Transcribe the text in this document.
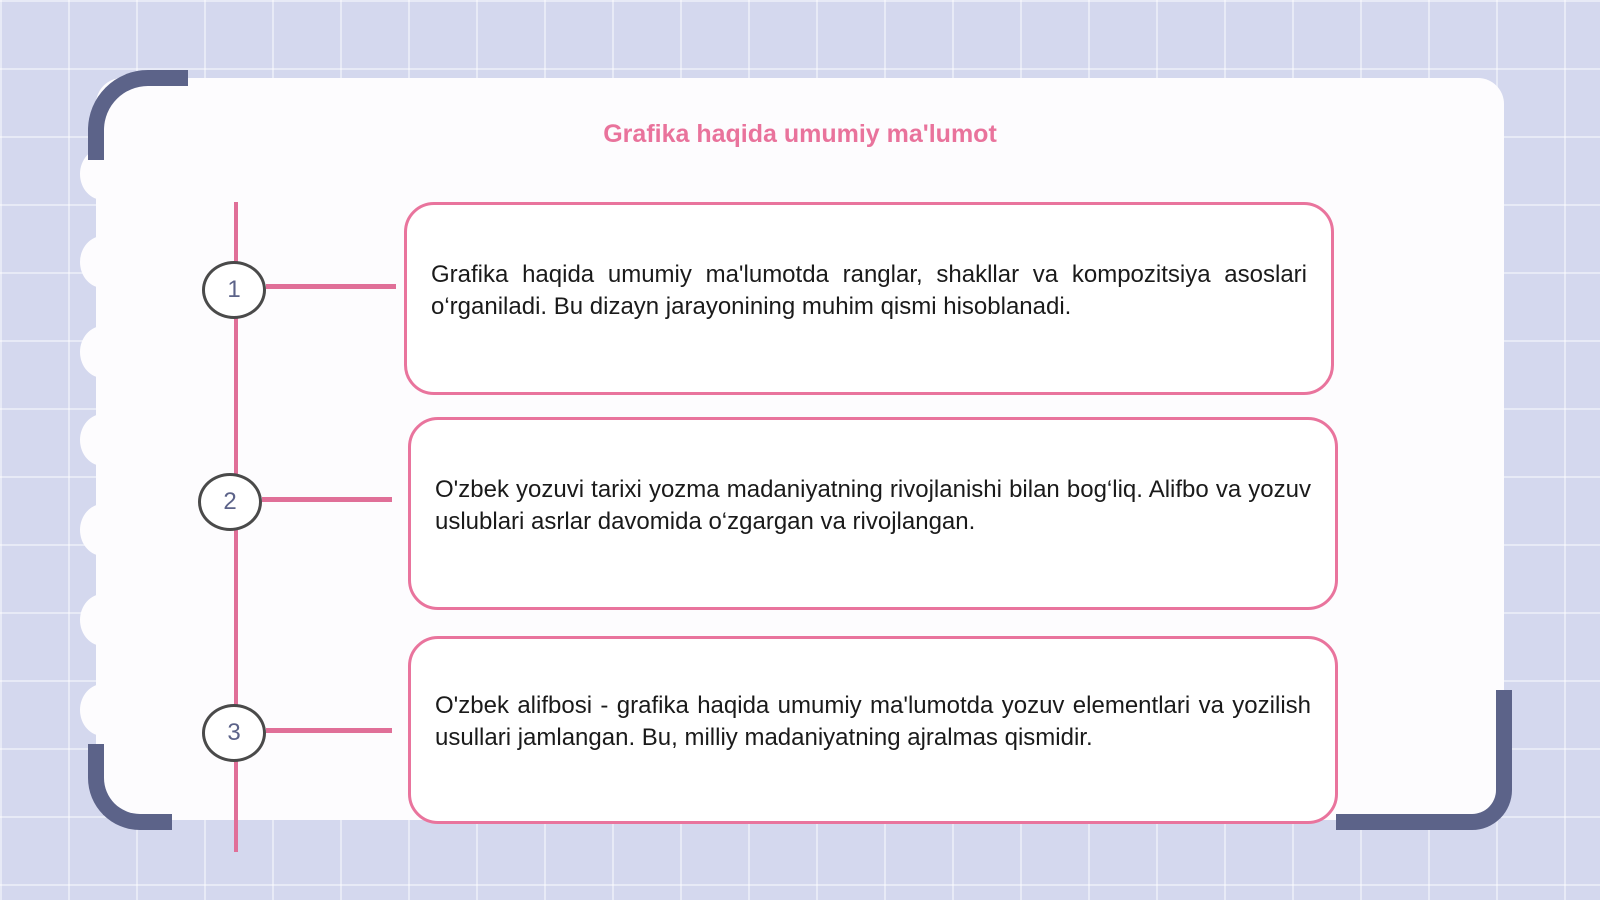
Grafika haqida umumiy ma'lumot
1
2
3
Grafika haqida umumiy ma'lumotda ranglar, shakllar va kompozitsiya asoslari o‘rganiladi. Bu dizayn jarayonining muhim qismi hisoblanadi.
O'zbek yozuvi tarixi yozma madaniyatning rivojlanishi bilan bog‘liq. Alifbo va yozuv uslublari asrlar davomida o‘zgargan va rivojlangan.
O'zbek alifbosi - grafika haqida umumiy ma'lumotda yozuv elementlari va yozilish usullari jamlangan. Bu, milliy madaniyatning ajralmas qismidir.
